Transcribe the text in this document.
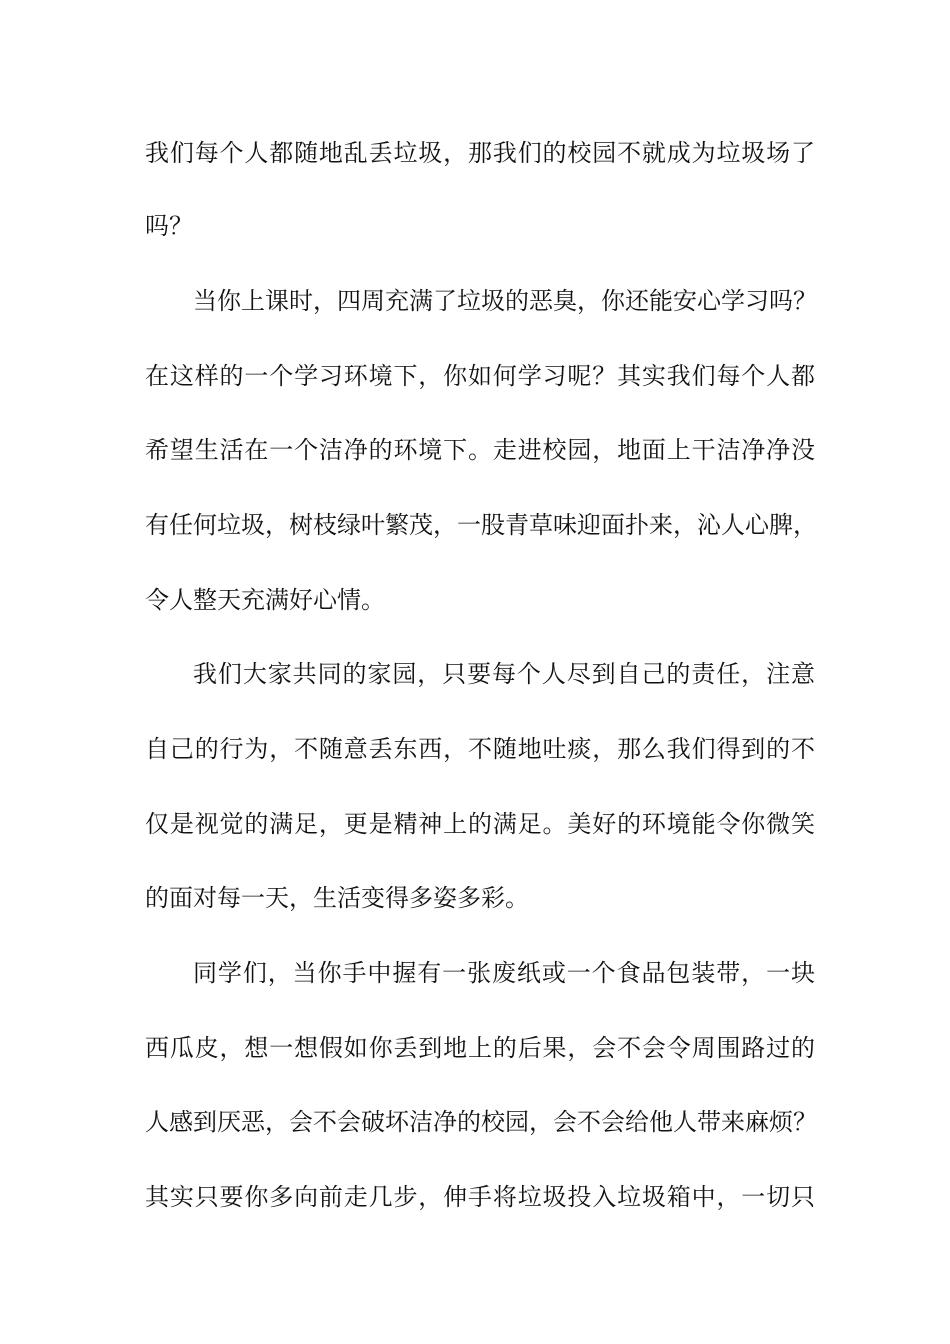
我们每个人都随地乱丢垃圾，那我们的校园不就成为垃圾场了
吗？
当你上课时，四周充满了垃圾的恶臭，你还能安心学习吗？
在这样的一个学习环境下，你如何学习呢？其实我们每个人都
希望生活在一个洁净的环境下。走进校园，地面上干洁净净没
有任何垃圾，树枝绿叶繁茂，一股青草味迎面扑来，沁人心脾，
令人整天充满好心情。
我们大家共同的家园，只要每个人尽到自己的责任，注意
自己的行为，不随意丢东西，不随地吐痰，那么我们得到的不
仅是视觉的满足，更是精神上的满足。美好的环境能令你微笑
的面对每一天，生活变得多姿多彩。
同学们，当你手中握有一张废纸或一个食品包装带，一块
西瓜皮，想一想假如你丢到地上的后果，会不会令周围路过的
人感到厌恶，会不会破坏洁净的校园，会不会给他人带来麻烦？
其实只要你多向前走几步，伸手将垃圾投入垃圾箱中，一切只
